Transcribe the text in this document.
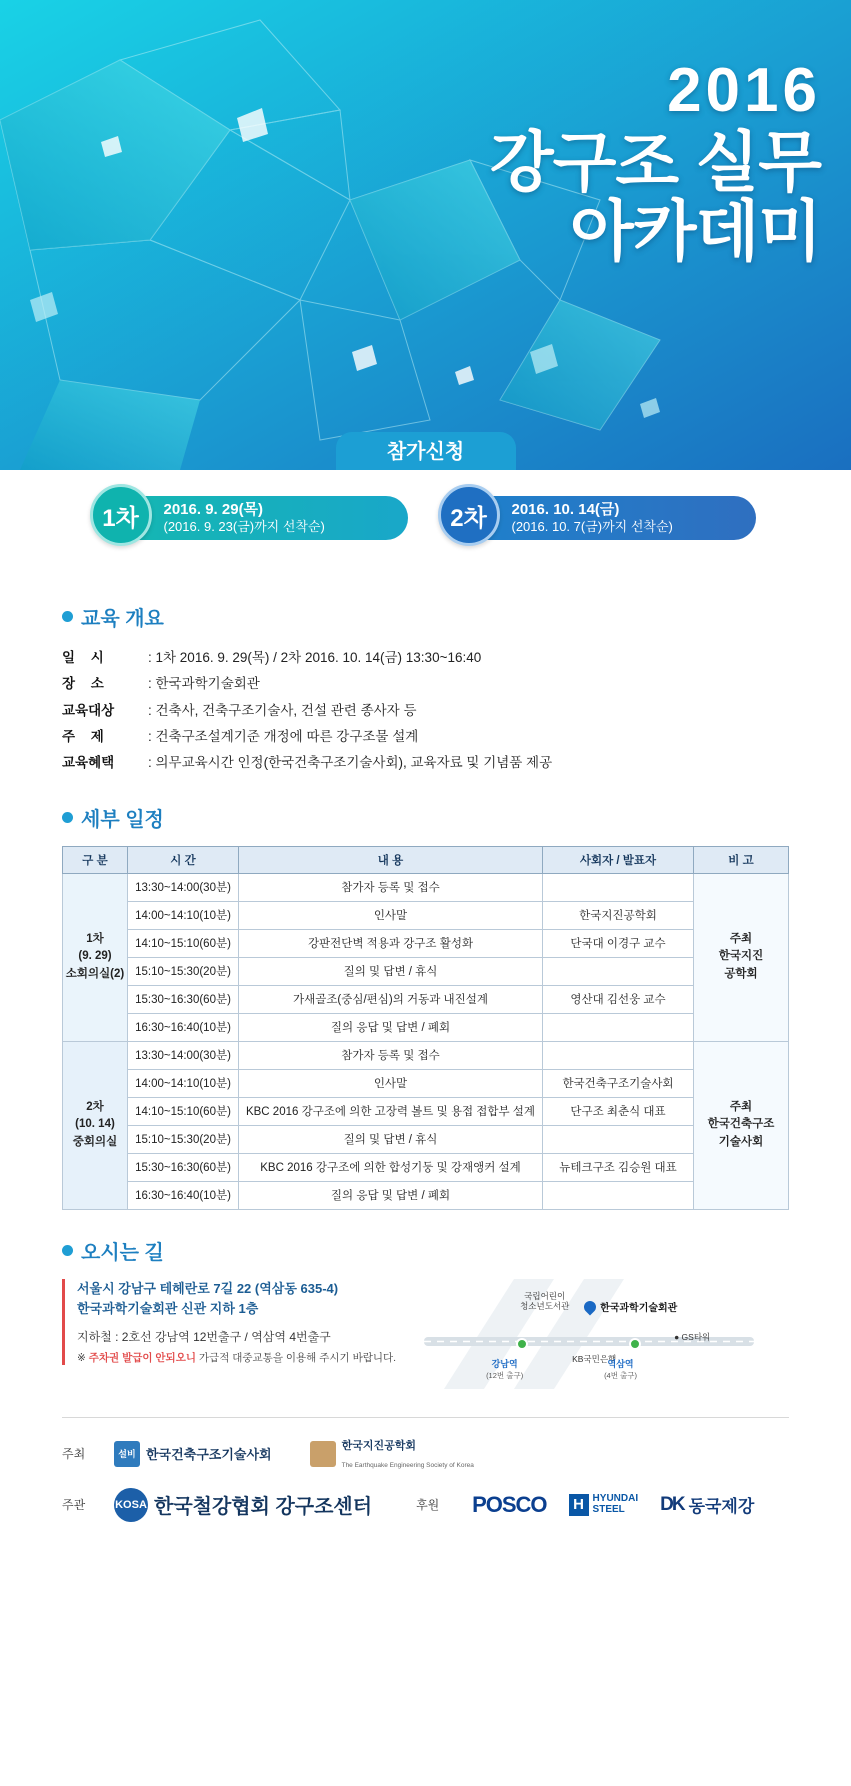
2016
강구조 실무
아카데미
참가신청
1차	2016. 9. 29(목)
(2016. 9. 23(금)까지 선착순)	2차	2016. 10. 14(금)
(2016. 10. 7(금)까지 선착순)
교육 개요
일 시	: 1차 2016. 9. 29(목) / 2차 2016. 10. 14(금) 13:30~16:40
장 소	: 한국과학기술회관
교육대상	: 건축사, 건축구조기술사, 건설 관련 종사자 등
주 제	: 건축구조설계기준 개정에 따른 강구조물 설계
교육혜택	: 의무교육시간 인정(한국건축구조기술사회), 교육자료 및 기념품 제공
세부 일정
구 분	시 간	내 용	사회자 / 발표자	비 고
1차
(9. 29)
소회의실(2)	13:30~14:00(30분)	참가자 등록 및 접수		주최
한국지진
공학회
	14:00~14:10(10분)	인사말	한국지진공학회	
	14:10~15:10(60분)	강판전단벽 적용과 강구조 활성화	단국대 이경구 교수	
	15:10~15:30(20분)	질의 및 답변 / 휴식		
	15:30~16:30(60분)	가새골조(중심/편심)의 거동과 내진설계	영산대 김선웅 교수	
	16:30~16:40(10분)	질의 응답 및 답변 / 폐회		
2차
(10. 14)
중회의실	13:30~14:00(30분)	참가자 등록 및 접수		주최
한국건축구조
기술사회
	14:00~14:10(10분)	인사말	한국건축구조기술사회	
	14:10~15:10(60분)	KBC 2016 강구조에 의한 고장력 볼트 및 용접 접합부 설계	단구조 최춘식 대표	
	15:10~15:30(20분)	질의 및 답변 / 휴식		
	15:30~16:30(60분)	KBC 2016 강구조에 의한 합성기둥 및 강재앵커 설계	뉴테크구조 김승원 대표	
	16:30~16:40(10분)	질의 응답 및 답변 / 폐회		
오시는 길
서울시 강남구 테헤란로 7길 22 (역삼동 635-4)
한국과학기술회관 신관 지하 1층
지하철 : 2호선 강남역 12번출구 / 역삼역 4번출구
※ 주차권 발급이 안되오니 가급적 대중교통을 이용해 주시기 바랍니다.
한국과학기술회관
국립어린이
청소년도서관
KB국민은행
● GS타워
강남역
(12번 출구)
역삼역
(4번 출구)
주최	설비 한국건축구조기술사회
한국지진공학회
The Earthquake Engineering Society of Korea
주관	KOSA 한국철강협회 강구조센터	후원	POSCO	H HYUNDAI
STEEL	DK 동국제강
